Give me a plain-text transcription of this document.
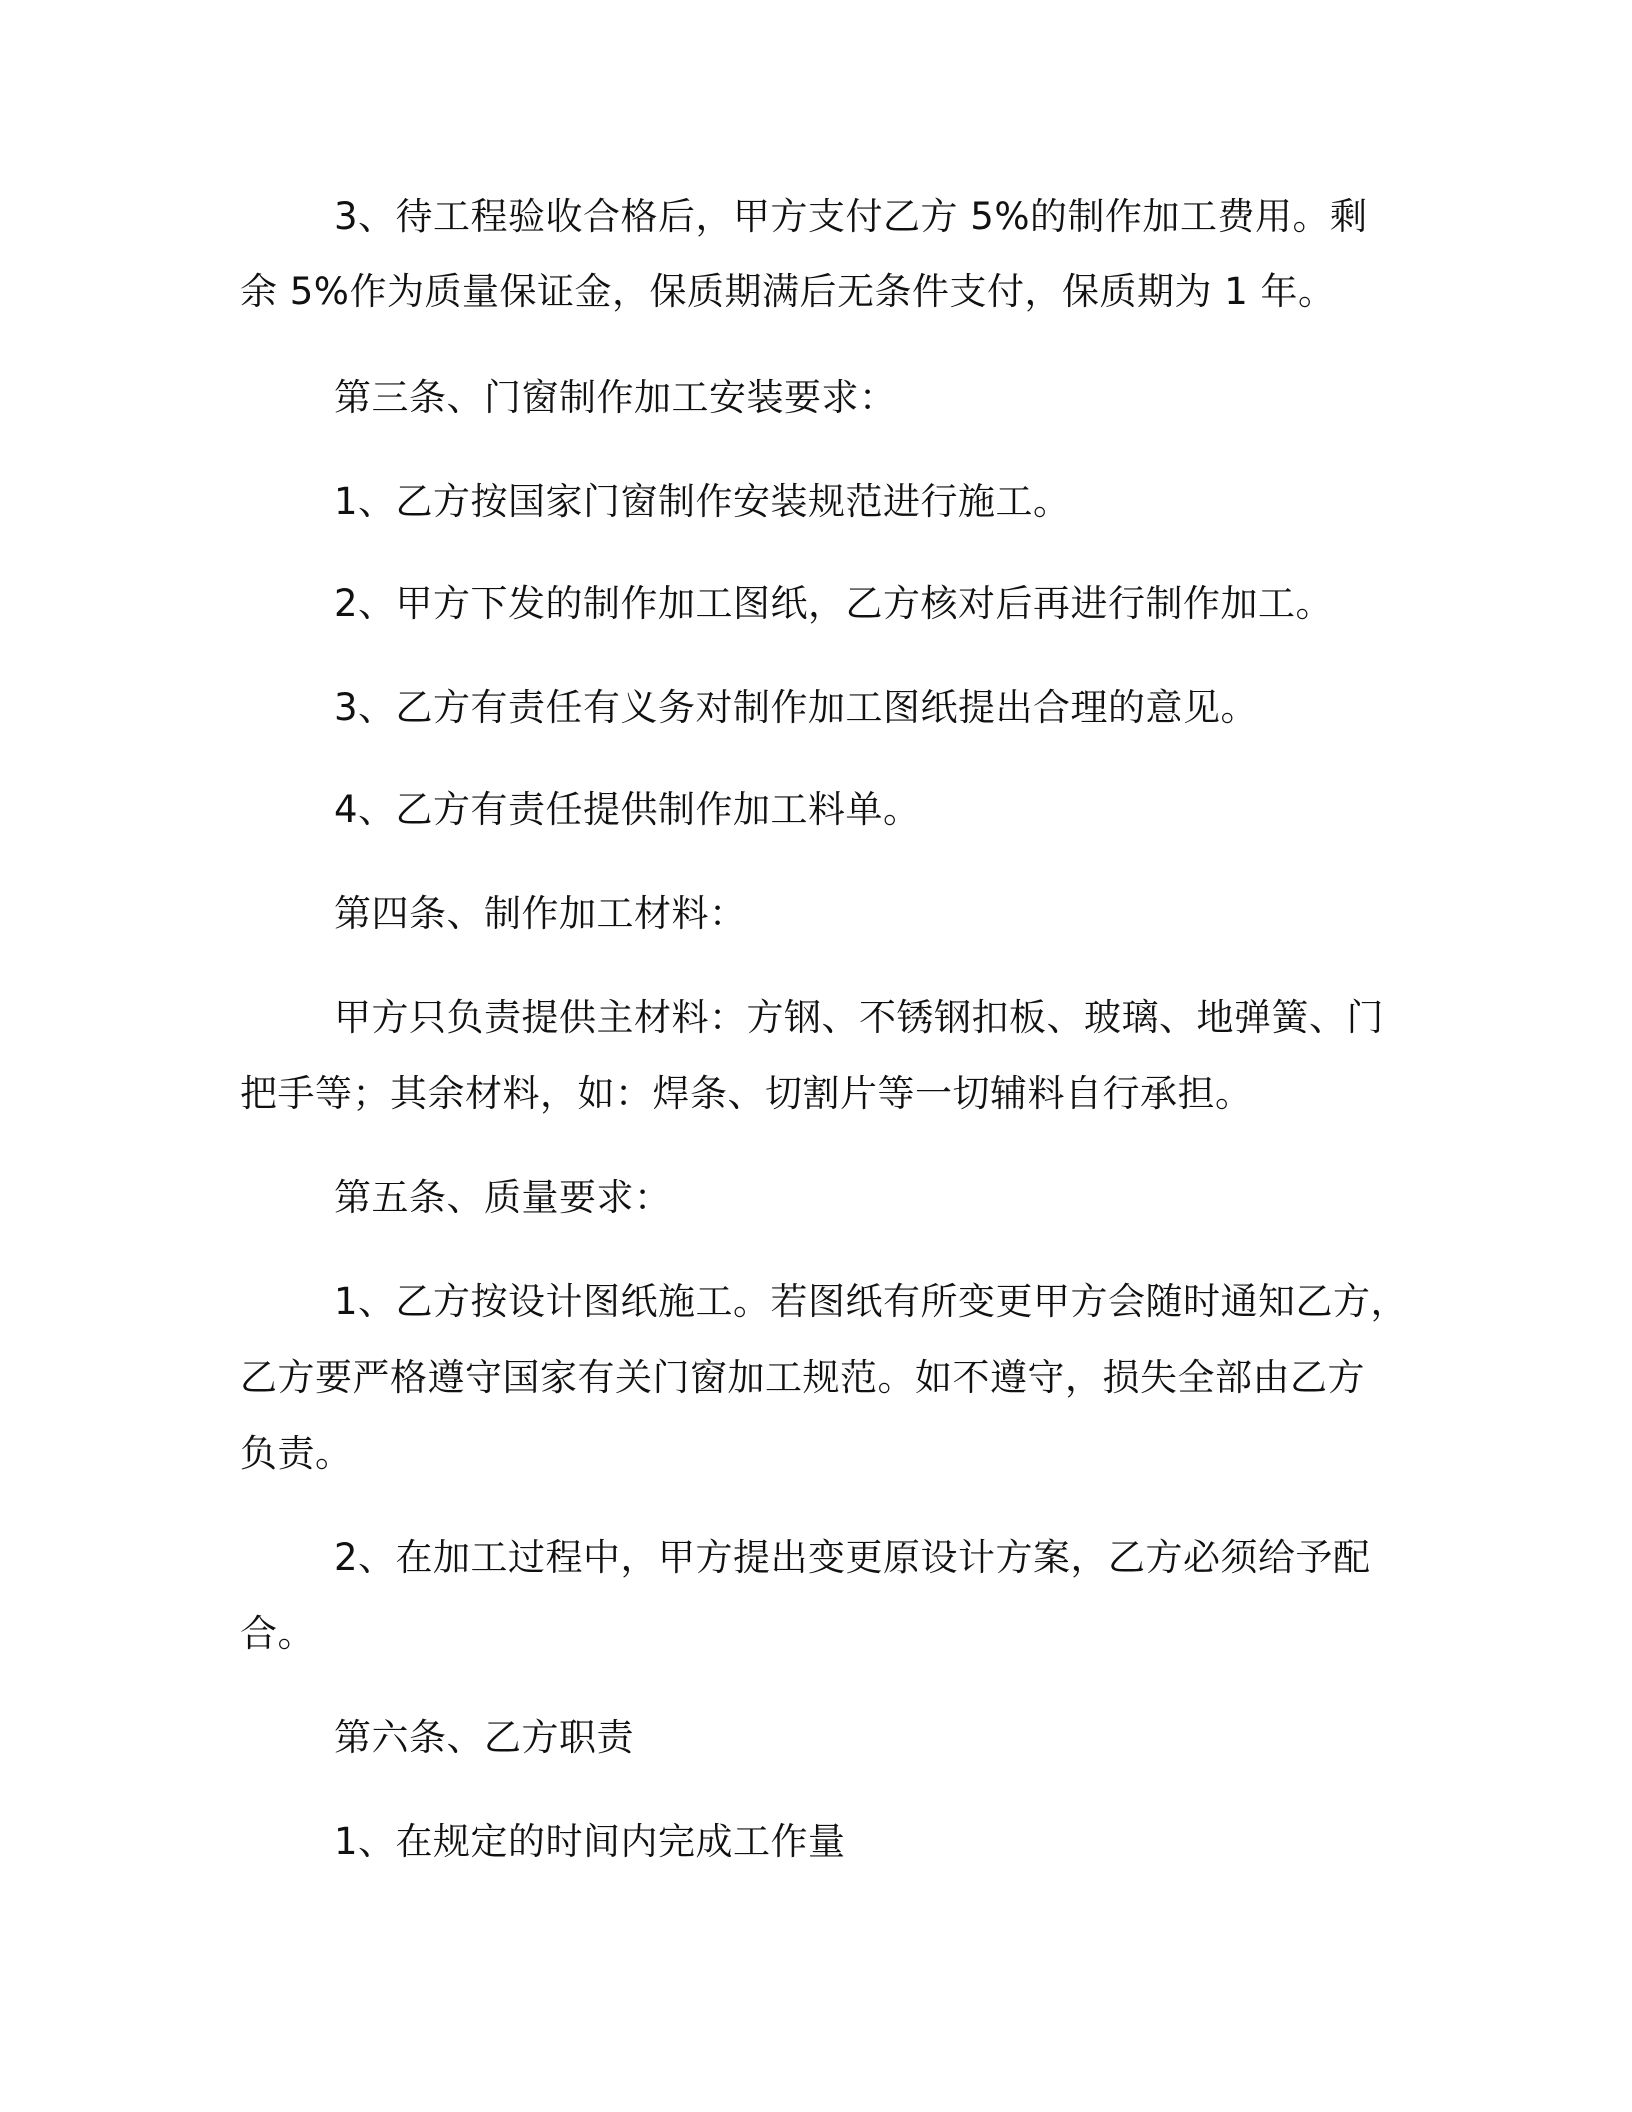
3、待工程验收合格后，甲方支付乙方 5%的制作加工费用。剩
余 5%作为质量保证金，保质期满后无条件支付，保质期为 1 年。
第三条、门窗制作加工安装要求：
1、乙方按国家门窗制作安装规范进行施工。
2、甲方下发的制作加工图纸，乙方核对后再进行制作加工。
3、乙方有责任有义务对制作加工图纸提出合理的意见。
4、乙方有责任提供制作加工料单。
第四条、制作加工材料：
甲方只负责提供主材料：方钢、不锈钢扣板、玻璃、地弹簧、门
把手等；其余材料，如：焊条、切割片等一切辅料自行承担。
第五条、质量要求：
1、乙方按设计图纸施工。若图纸有所变更甲方会随时通知乙方，
乙方要严格遵守国家有关门窗加工规范。如不遵守，损失全部由乙方
负责。
2、在加工过程中，甲方提出变更原设计方案，乙方必须给予配
合。
第六条、乙方职责
1、在规定的时间内完成工作量
